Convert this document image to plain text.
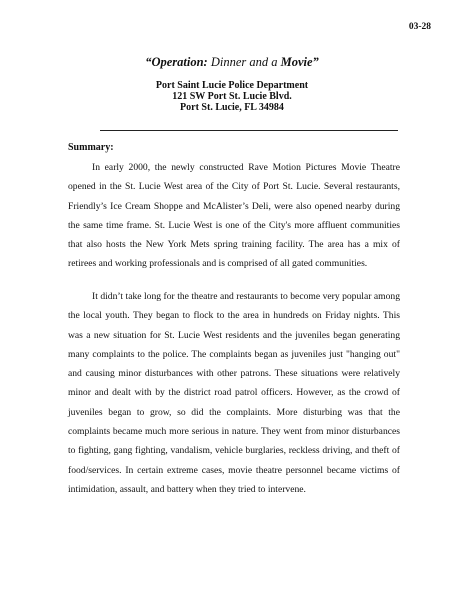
03-28
“Operation: Dinner and a Movie”
Port Saint Lucie Police Department
121 SW Port St. Lucie Blvd.
Port St. Lucie, FL 34984
Summary:

In early 2000, the newly constructed Rave Motion Pictures Movie Theatre opened in the St. Lucie West area of the City of Port St. Lucie. Several restaurants, Friendly’s Ice Cream Shoppe and McAlister’s Deli, were also opened nearby during the same time frame. St. Lucie West is one of the City's more affluent communities that also hosts the New York Mets spring training facility. The area has a mix of retirees and working professionals and is comprised of all gated communities.

It didn’t take long for the theatre and restaurants to become very popular among the local youth. They began to flock to the area in hundreds on Friday nights. This was a new situation for St. Lucie West residents and the juveniles began generating many complaints to the police. The complaints began as juveniles just "hanging out" and causing minor disturbances with other patrons. These situations were relatively minor and dealt with by the district road patrol officers. However, as the crowd of juveniles began to grow, so did the complaints. More disturbing was that the complaints became much more serious in nature. They went from minor disturbances to fighting, gang fighting, vandalism, vehicle burglaries, reckless driving, and theft of food/services. In certain extreme cases, movie theatre personnel became victims of intimidation, assault, and battery when they tried to intervene.
